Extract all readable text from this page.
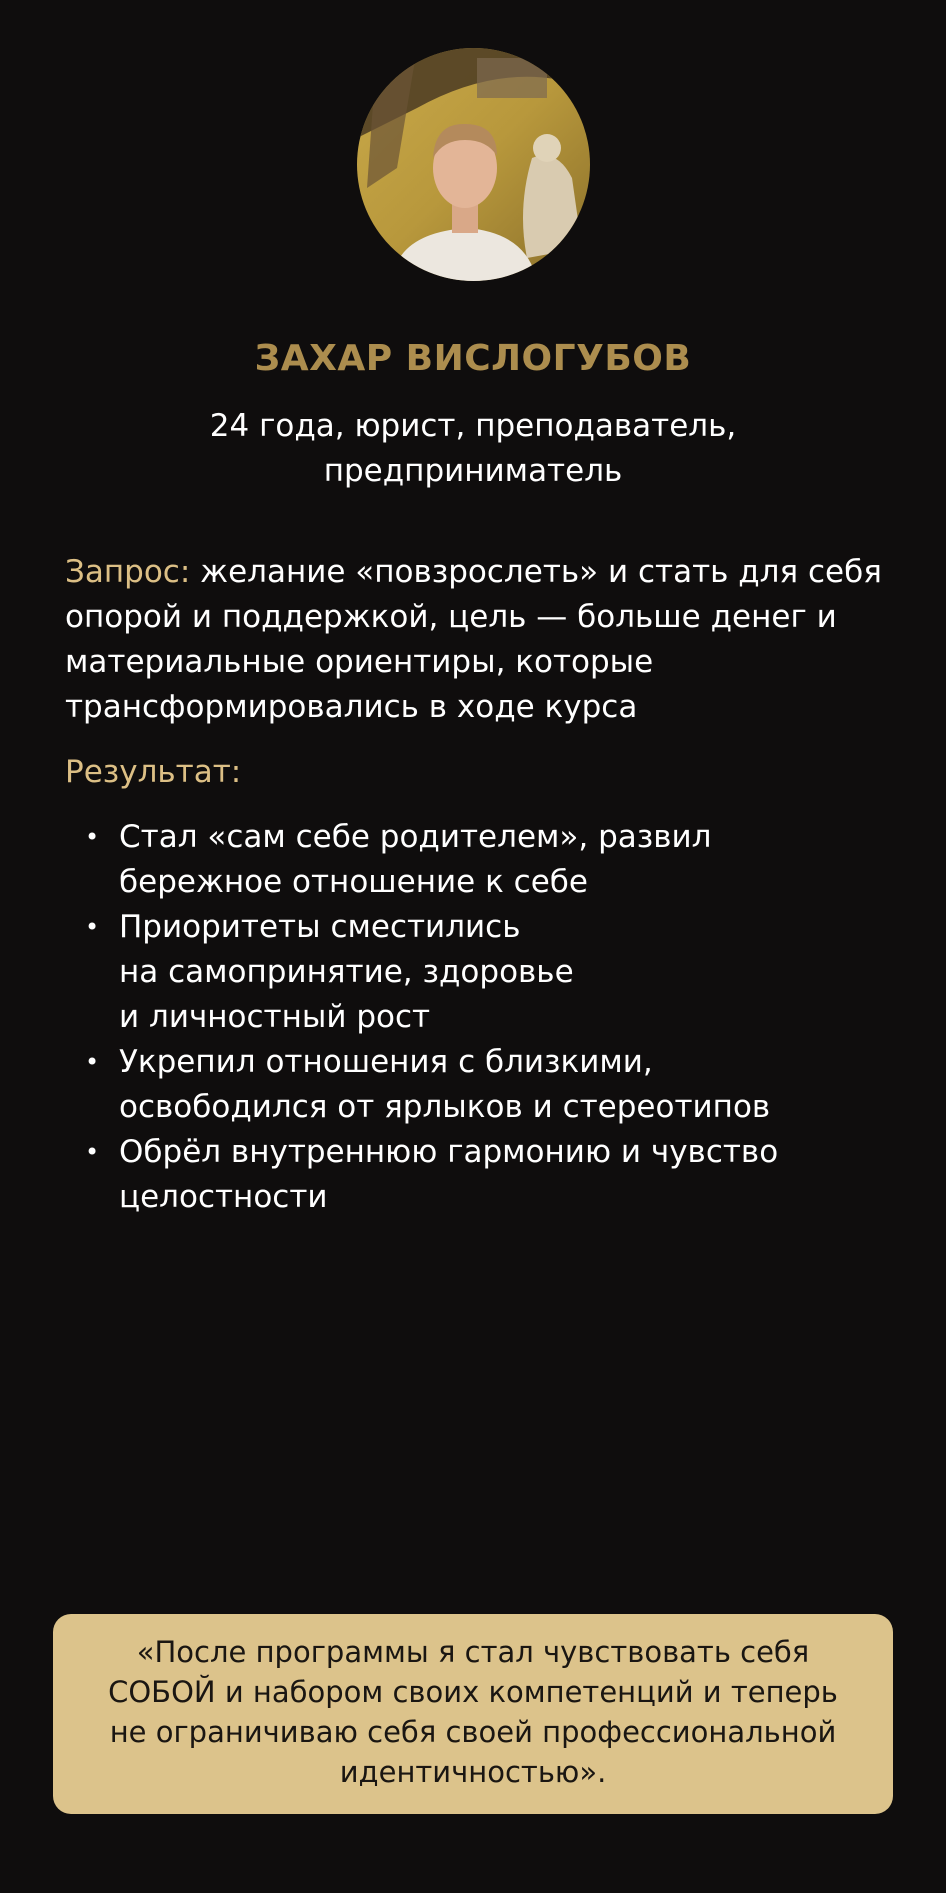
ЗАХАР ВИСЛОГУБОВ
24 года, юрист, преподаватель,
предприниматель
Запрос: желание «повзрослеть» и стать для себя опорой и поддержкой, цель — больше денег и материальные ориентиры, которые трансформировались в ходе курса
Результат:
• Стал «сам себе родителем», развил
бережное отношение к себе
• Приоритеты сместились
на самопринятие, здоровье
и личностный рост
• Укрепил отношения с близкими,
освободился от ярлыков и стереотипов
• Обрёл внутреннюю гармонию и чувство
целостности
«После программы я стал чувствовать себя
СОБОЙ и набором своих компетенций и теперь
не ограничиваю себя своей профессиональной
идентичностью».
